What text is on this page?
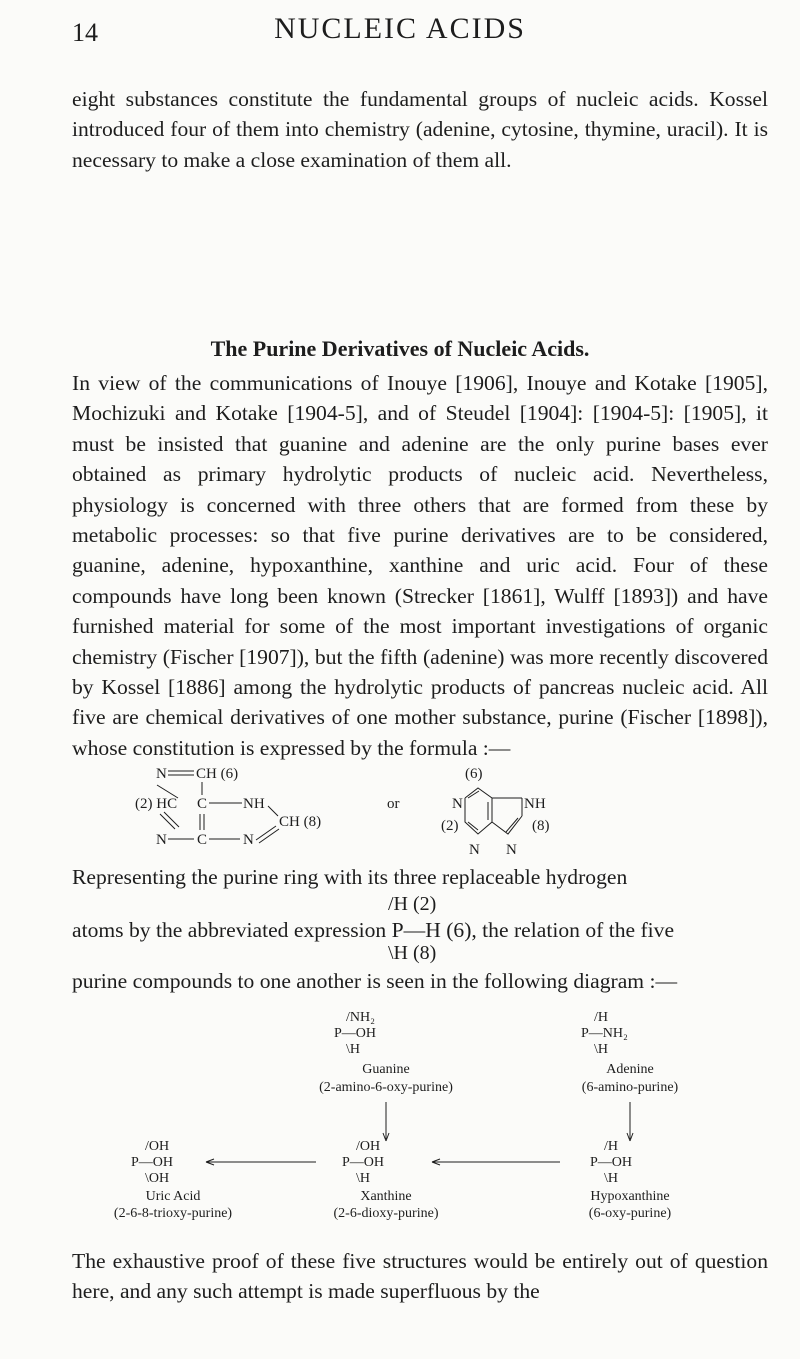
14	NUCLEIC ACIDS

eight substances constitute the fundamental groups of nucleic acids. Kossel introduced four of them into chemistry (adenine, cytosine, thymine, uracil). It is necessary to make a close examination of them all.

The Purine Derivatives of Nucleic Acids.

In view of the communications of Inouye [1906], Inouye and Kotake [1905], Mochizuki and Kotake [1904-5], and of Steudel [1904]: [1904-5]: [1905], it must be insisted that guanine and adenine are the only purine bases ever obtained as primary hydrolytic products of nucleic acid. Nevertheless, physiology is concerned with three others that are formed from these by metabolic processes: so that five purine derivatives are to be considered, guanine, adenine, hypoxanthine, xanthine and uric acid. Four of these compounds have long been known (Strecker [1861], Wulff [1893]) and have furnished material for some of the most important investigations of organic chemistry (Fischer [1907]), but the fifth (adenine) was more recently discovered by Kossel [1886] among the hydrolytic products of pancreas nucleic acid. All five are chemical derivatives of one mother substance, purine (Fischer [1898]), whose constitution is expressed by the formula :—

N CH (6)
(2) HC C NH
CH (8)
N C N
or
(6)
N	NH
(2)	(8)
N N
Representing the purine ring with its three replaceable hydrogen
/H (2)
atoms by the abbreviated expression P—H (6), the relation of the five
\H (8)
purine compounds to one another is seen in the following diagram :—
/NH₂
P—OH
\H
Guanine
(2-amino-6-oxy-purine)
/H
P—NH₂
\H
Adenine
(6-amino-purine)
/OH
P—OH
\OH
Uric Acid
(2-6-8-trioxy-purine)
/OH
P—OH
\H
Xanthine
(2-6-dioxy-purine)
/H
P—OH
\H
Hypoxanthine
(6-oxy-purine)

The exhaustive proof of these five structures would be entirely out of question here, and any such attempt is made superfluous by the
